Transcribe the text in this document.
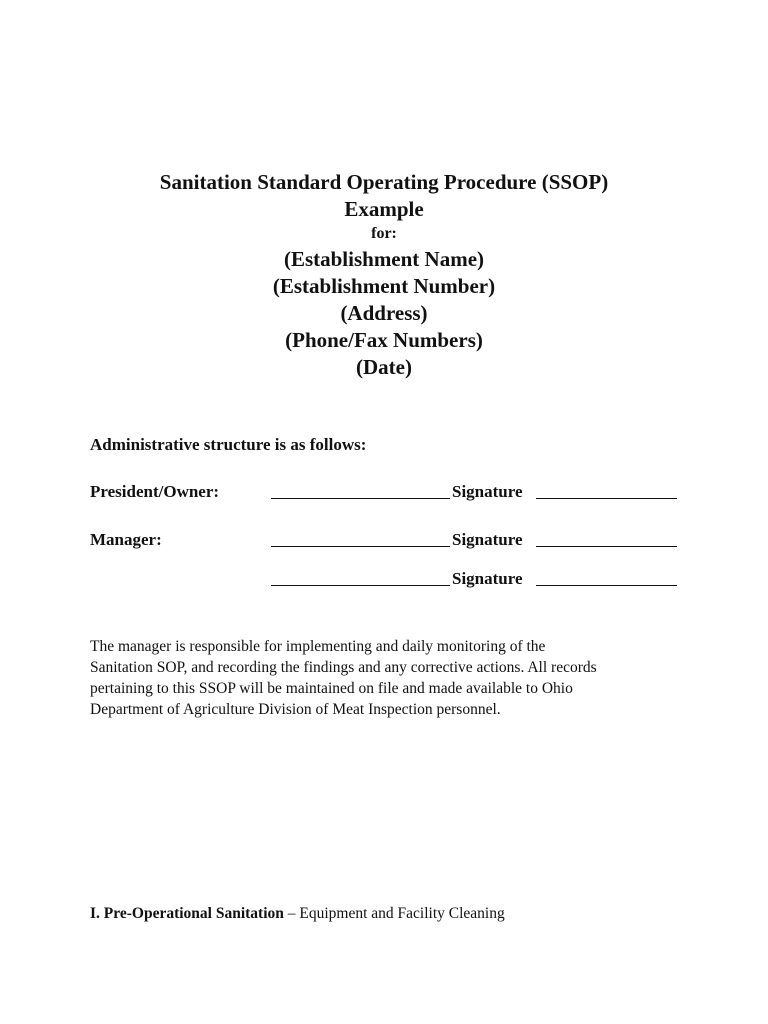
Sanitation Standard Operating Procedure (SSOP)
Example
for:
(Establishment Name)
(Establishment Number)
(Address)
(Phone/Fax Numbers)
(Date)
Administrative structure is as follows:
President/Owner:	Signature
Manager:	Signature
Signature
The manager is responsible for implementing and daily monitoring of the
Sanitation SOP, and recording the findings and any corrective actions. All records
pertaining to this SSOP will be maintained on file and made available to Ohio
Department of Agriculture Division of Meat Inspection personnel.
I. Pre-Operational Sanitation – Equipment and Facility Cleaning
